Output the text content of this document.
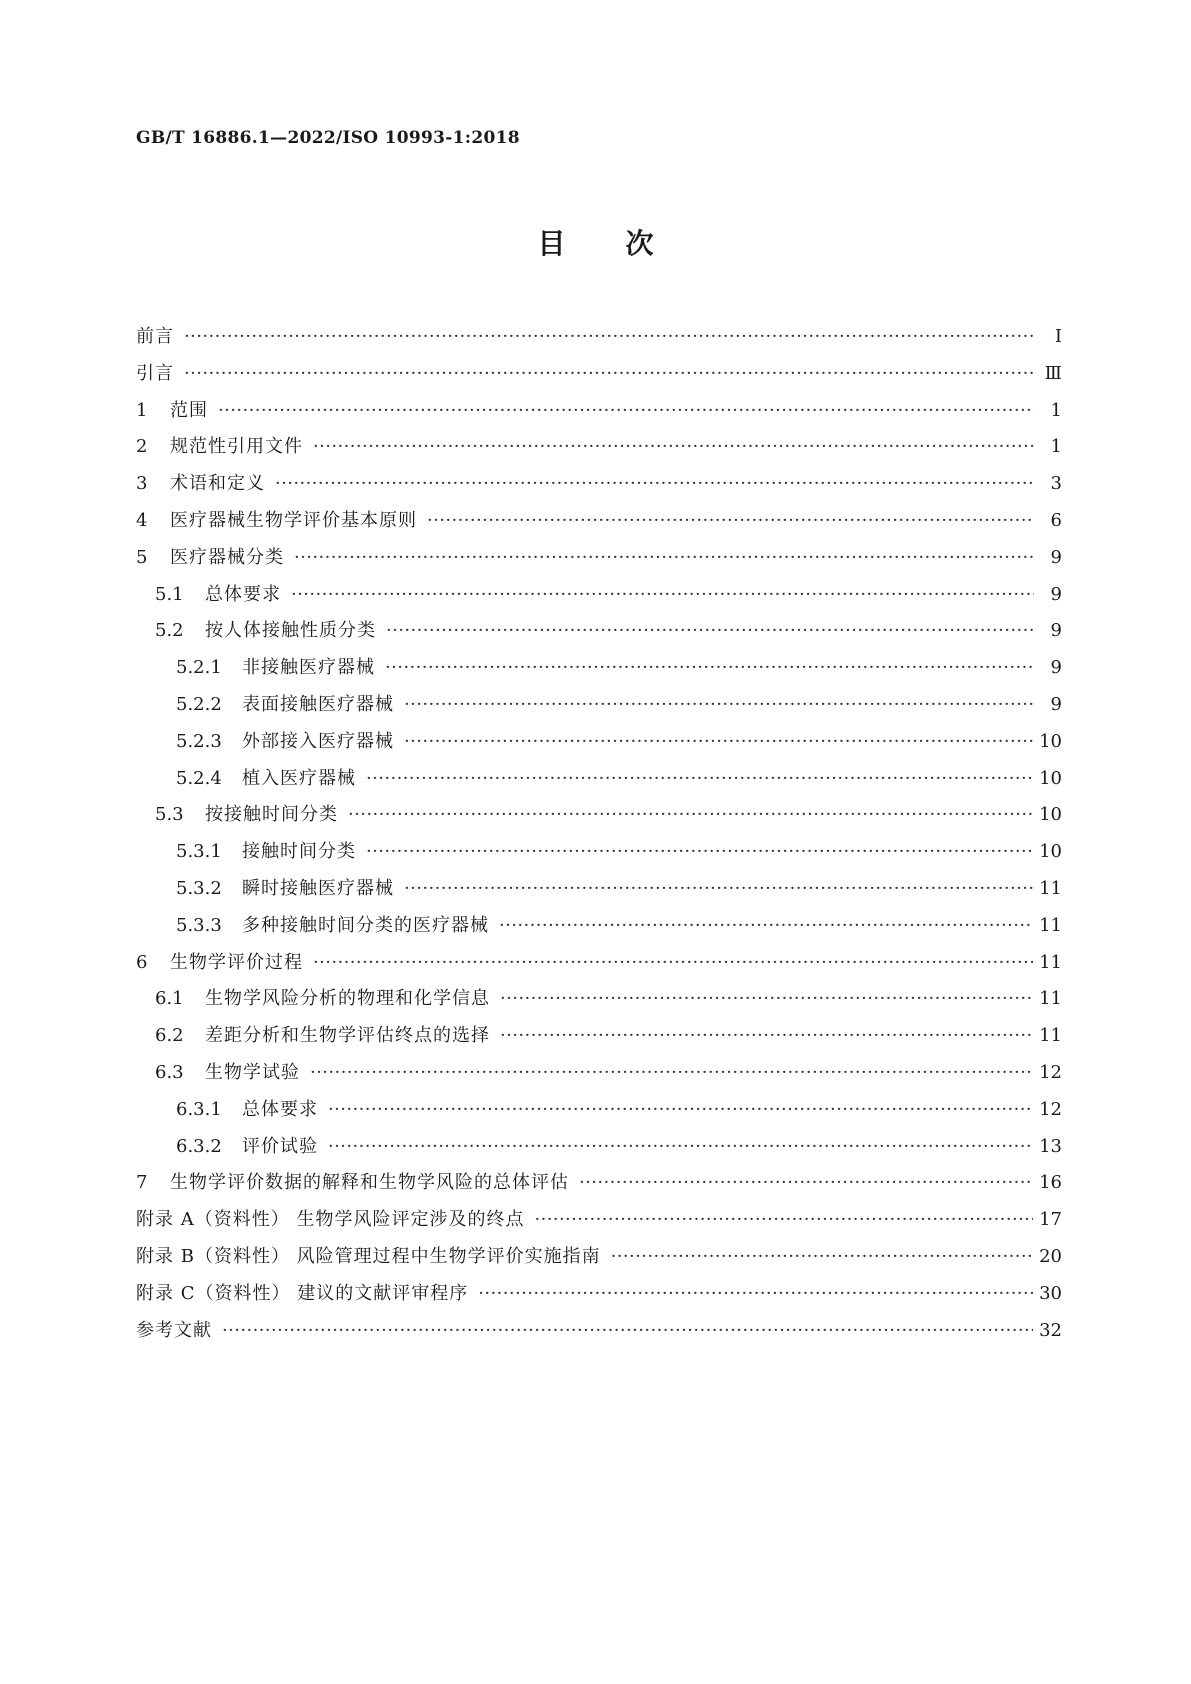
GB/T 16886.1—2022/ISO 10993-1:2018
目次
前言 ·····	Ⅰ
引言 ·····	Ⅲ
1	范围 ·····	1
2	规范性引用文件 ·····	1
3	术语和定义 ·····	3
4	医疗器械生物学评价基本原则 ·····	6
5	医疗器械分类 ·····	9
5.1	总体要求 ·····	9
5.2	按人体接触性质分类 ·····	9
5.2.1	非接触医疗器械 ·····	9
5.2.2	表面接触医疗器械 ·····	9
5.2.3	外部接入医疗器械 ·····	10
5.2.4	植入医疗器械 ·····	10
5.3	按接触时间分类 ·····	10
5.3.1	接触时间分类 ·····	10
5.3.2	瞬时接触医疗器械 ·····	11
5.3.3	多种接触时间分类的医疗器械 ·····	11
6	生物学评价过程 ·····	11
6.1	生物学风险分析的物理和化学信息 ·····	11
6.2	差距分析和生物学评估终点的选择 ·····	11
6.3	生物学试验 ·····	12
6.3.1	总体要求 ·····	12
6.3.2	评价试验 ·····	13
7	生物学评价数据的解释和生物学风险的总体评估 ·····	16
附录 A（资料性） 生物学风险评定涉及的终点 ·····	17
附录 B（资料性） 风险管理过程中生物学评价实施指南 ·····	20
附录 C（资料性） 建议的文献评审程序 ·····	30
参考文献 ·····	32
